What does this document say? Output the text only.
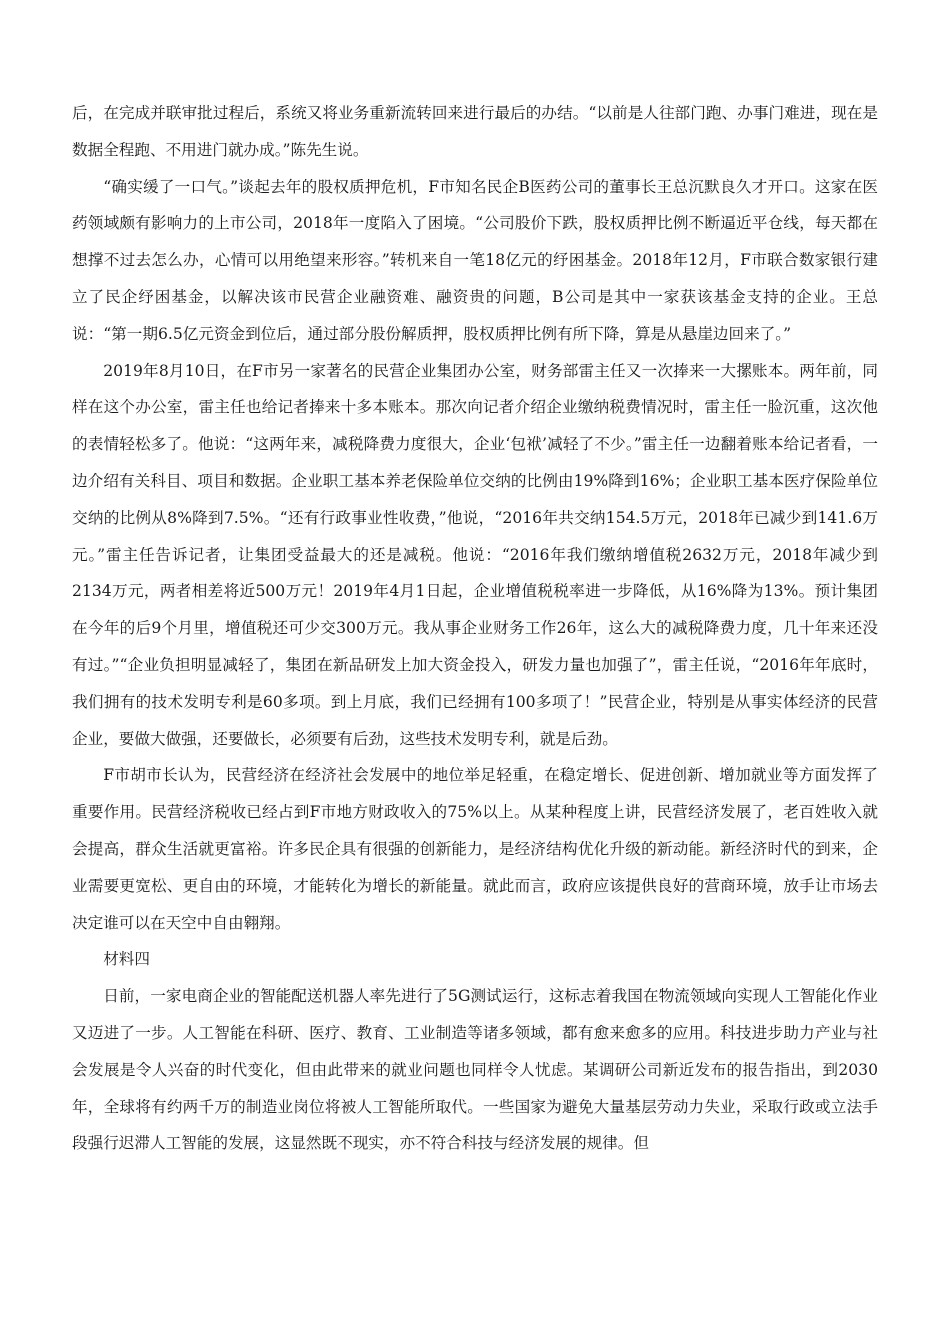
后，在完成并联审批过程后，系统又将业务重新流转回来进行最后的办结。“以前是人往部门跑、办事门难进，现在是数据全程跑、不用进门就办成。”陈先生说。

“确实缓了一口气。”谈起去年的股权质押危机，F市知名民企B医药公司的董事长王总沉默良久才开口。这家在医药领域颇有影响力的上市公司，2018年一度陷入了困境。“公司股价下跌，股权质押比例不断逼近平仓线，每天都在想撑不过去怎么办，心情可以用绝望来形容。”转机来自一笔18亿元的纾困基金。2018年12月，F市联合数家银行建立了民企纾困基金，以解决该市民营企业融资难、融资贵的问题，B公司是其中一家获该基金支持的企业。王总说：“第一期6.5亿元资金到位后，通过部分股份解质押，股权质押比例有所下降，算是从悬崖边回来了。”

2019年8月10日，在F市另一家著名的民营企业集团办公室，财务部雷主任又一次捧来一大摞账本。两年前，同样在这个办公室，雷主任也给记者捧来十多本账本。那次向记者介绍企业缴纳税费情况时，雷主任一脸沉重，这次他的表情轻松多了。他说：“这两年来，减税降费力度很大，企业‘包袱’减轻了不少。”雷主任一边翻着账本给记者看，一边介绍有关科目、项目和数据。企业职工基本养老保险单位交纳的比例由19%降到16%；企业职工基本医疗保险单位交纳的比例从8%降到7.5%。“还有行政事业性收费，”他说，“2016年共交纳154.5万元，2018年已减少到141.6万元。”雷主任告诉记者，让集团受益最大的还是减税。他说：“2016年我们缴纳增值税2632万元，2018年减少到2134万元，两者相差将近500万元！2019年4月1日起，企业增值税税率进一步降低，从16%降为13%。预计集团在今年的后9个月里，增值税还可少交300万元。我从事企业财务工作26年，这么大的减税降费力度，几十年来还没有过。”“企业负担明显减轻了，集团在新品研发上加大资金投入，研发力量也加强了”，雷主任说，“2016年年底时，我们拥有的技术发明专利是60多项。到上月底，我们已经拥有100多项了！”民营企业，特别是从事实体经济的民营企业，要做大做强，还要做长，必须要有后劲，这些技术发明专利，就是后劲。

F市胡市长认为，民营经济在经济社会发展中的地位举足轻重，在稳定增长、促进创新、增加就业等方面发挥了重要作用。民营经济税收已经占到F市地方财政收入的75%以上。从某种程度上讲，民营经济发展了，老百姓收入就会提高，群众生活就更富裕。许多民企具有很强的创新能力，是经济结构优化升级的新动能。新经济时代的到来，企业需要更宽松、更自由的环境，才能转化为增长的新能量。就此而言，政府应该提供良好的营商环境，放手让市场去决定谁可以在天空中自由翱翔。

材料四

日前，一家电商企业的智能配送机器人率先进行了5G测试运行，这标志着我国在物流领域向实现人工智能化作业又迈进了一步。人工智能在科研、医疗、教育、工业制造等诸多领域，都有愈来愈多的应用。科技进步助力产业与社会发展是令人兴奋的时代变化，但由此带来的就业问题也同样令人忧虑。某调研公司新近发布的报告指出，到2030年，全球将有约两千万的制造业岗位将被人工智能所取代。一些国家为避免大量基层劳动力失业，采取行政或立法手段强行迟滞人工智能的发展，这显然既不现实，亦不符合科技与经济发展的规律。但
